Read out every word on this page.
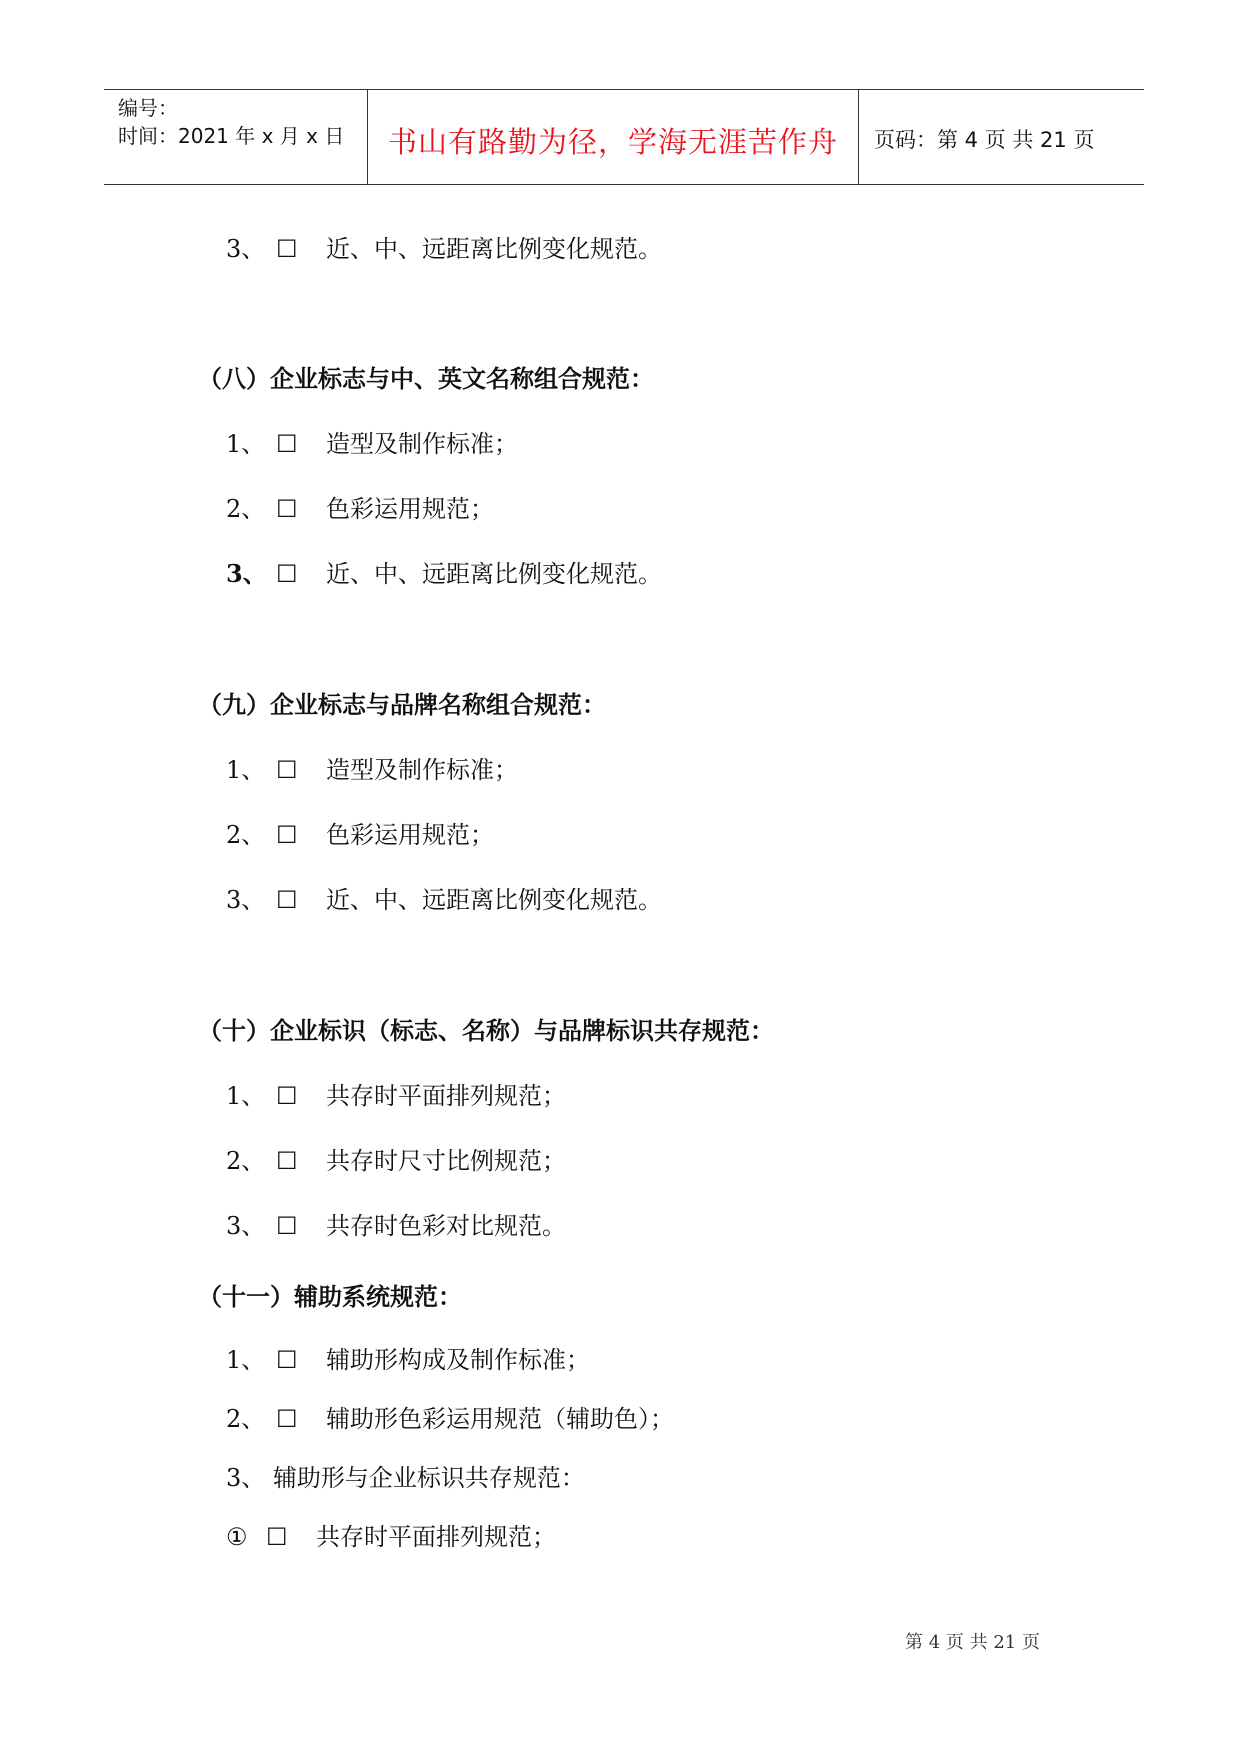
编号：
时间：2021 年 x 月 x 日	书山有路勤为径，学海无涯苦作舟	页码：第 4 页 共 21 页
3、 ☐ 近、中、远距离比例变化规范。
（八）企业标志与中、英文名称组合规范：
1、 ☐ 造型及制作标准；
2、 ☐ 色彩运用规范；
3、 ☐ 近、中、远距离比例变化规范。
（九）企业标志与品牌名称组合规范：
1、 ☐ 造型及制作标准；
2、 ☐ 色彩运用规范；
3、 ☐ 近、中、远距离比例变化规范。
（十）企业标识（标志、名称）与品牌标识共存规范：
1、 ☐ 共存时平面排列规范；
2、 ☐ 共存时尺寸比例规范；
3、 ☐ 共存时色彩对比规范。
（十一）辅助系统规范：
1、 ☐ 辅助形构成及制作标准；
2、 ☐ 辅助形色彩运用规范（辅助色）；
3、 辅助形与企业标识共存规范：
① ☐ 共存时平面排列规范；
第 4 页 共 21 页
